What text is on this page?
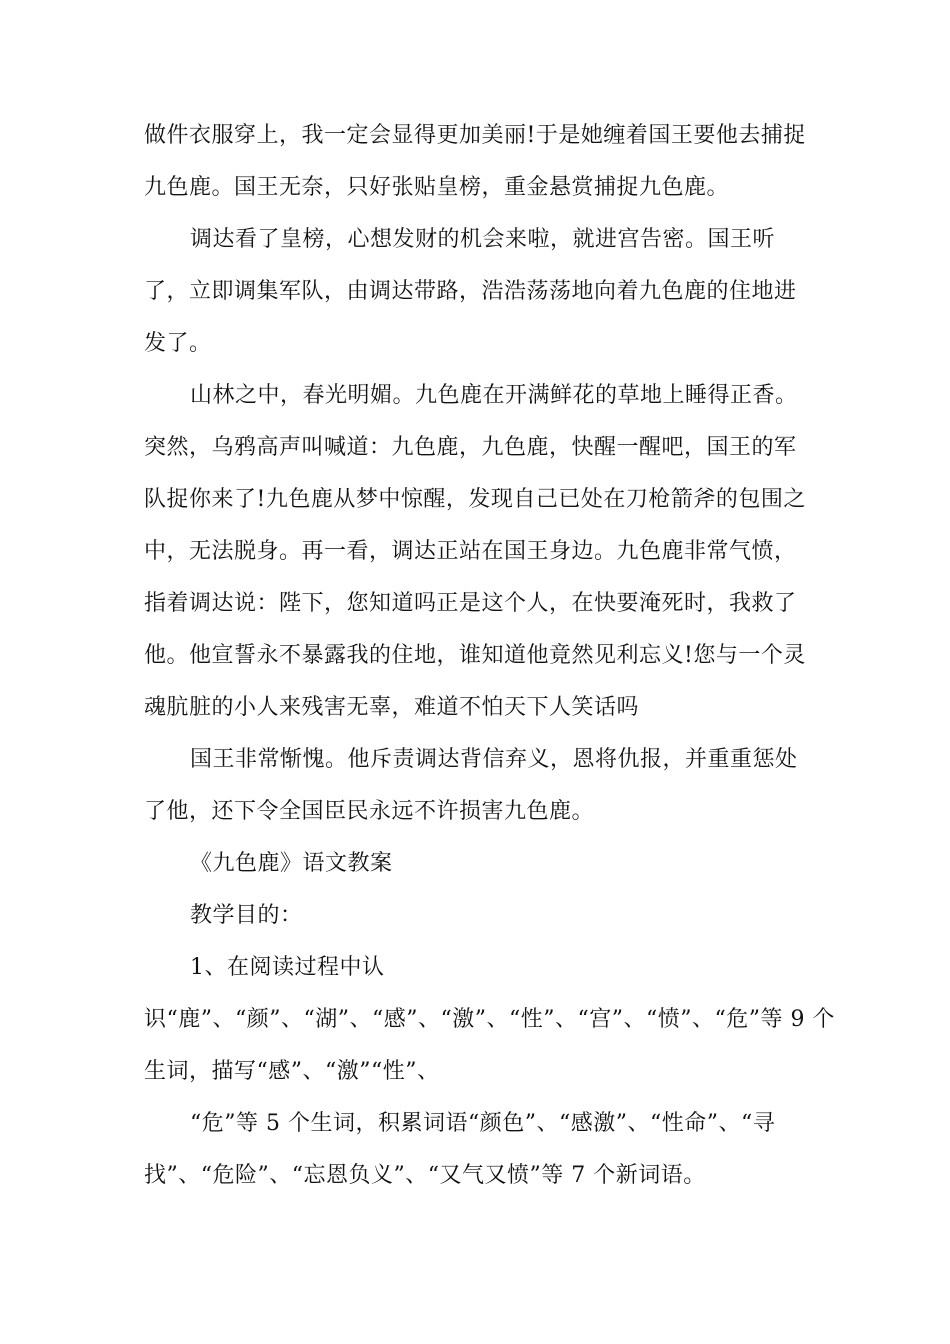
做件衣服穿上，我一定会显得更加美丽!于是她缠着国王要他去捕捉
九色鹿。国王无奈，只好张贴皇榜，重金悬赏捕捉九色鹿。
调达看了皇榜，心想发财的机会来啦，就进宫告密。国王听
了，立即调集军队，由调达带路，浩浩荡荡地向着九色鹿的住地进
发了。
山林之中，春光明媚。九色鹿在开满鲜花的草地上睡得正香。
突然，乌鸦高声叫喊道：九色鹿，九色鹿，快醒一醒吧，国王的军
队捉你来了!九色鹿从梦中惊醒，发现自己已处在刀枪箭斧的包围之
中，无法脱身。再一看，调达正站在国王身边。九色鹿非常气愤，
指着调达说：陛下，您知道吗正是这个人，在快要淹死时，我救了
他。他宣誓永不暴露我的住地，谁知道他竟然见利忘义!您与一个灵
魂肮脏的小人来残害无辜，难道不怕天下人笑话吗
国王非常惭愧。他斥责调达背信弃义，恩将仇报，并重重惩处
了他，还下令全国臣民永远不许损害九色鹿。
《九色鹿》语文教案
教学目的：
1、在阅读过程中认
识“鹿”、“颜”、“湖”、“感”、“激”、“性”、“宫”、“愤”、“危”等 9 个
生词，描写“感”、“激”“性”、
“危”等 5 个生词，积累词语“颜色”、“感激”、“性命”、“寻
找”、“危险”、“忘恩负义”、“又气又愤”等 7 个新词语。
